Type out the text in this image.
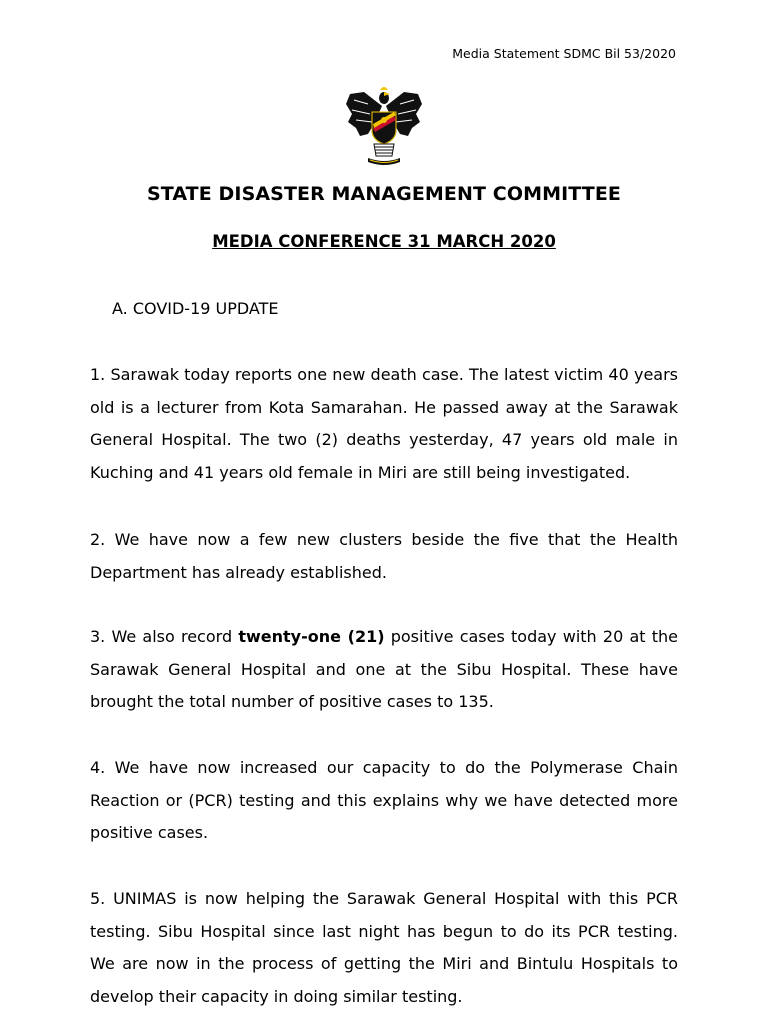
Media Statement SDMC Bil 53/2020
STATE DISASTER MANAGEMENT COMMITTEE
MEDIA CONFERENCE 31 MARCH 2020
A. COVID-19 UPDATE

1. Sarawak today reports one new death case. The latest victim 40 years old is a lecturer from Kota Samarahan. He passed away at the Sarawak General Hospital. The two (2) deaths yesterday, 47 years old male in Kuching and 41 years old female in Miri are still being investigated.

2. We have now a few new clusters beside the five that the Health Department has already established.

3. We also record twenty-one (21) positive cases today with 20 at the Sarawak General Hospital and one at the Sibu Hospital. These have brought the total number of positive cases to 135.

4. We have now increased our capacity to do the Polymerase Chain Reaction or (PCR) testing and this explains why we have detected more positive cases.

5. UNIMAS is now helping the Sarawak General Hospital with this PCR testing. Sibu Hospital since last night has begun to do its PCR testing. We are now in the process of getting the Miri and Bintulu Hospitals to develop their capacity in doing similar testing.
